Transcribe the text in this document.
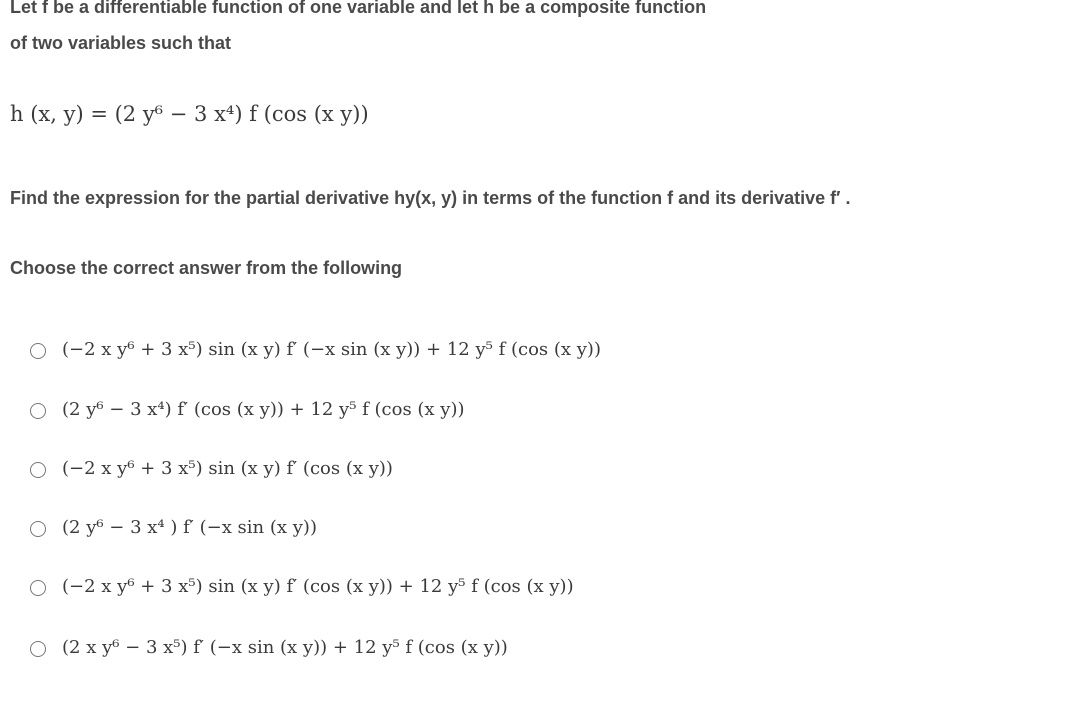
Let f be a differentiable function of one variable and let h be a composite function
of two variables such that
h (x, y) = (2 y⁶ − 3 x⁴) f (cos (x y))
Find the expression for the partial derivative hy(x, y) in terms of the function f and its derivative f′ .
Choose the correct answer from the following
(−2 x y⁶ + 3 x⁵) sin (x y) f′ (−x sin (x y)) + 12 y⁵ f (cos (x y))
(2 y⁶ − 3 x⁴) f′ (cos (x y)) + 12 y⁵ f (cos (x y))
(−2 x y⁶ + 3 x⁵) sin (x y) f′ (cos (x y))
(2 y⁶ − 3 x⁴ ) f′ (−x sin (x y))
(−2 x y⁶ + 3 x⁵) sin (x y) f′ (cos (x y)) + 12 y⁵ f (cos (x y))
(2 x y⁶ − 3 x⁵) f′ (−x sin (x y)) + 12 y⁵ f (cos (x y))
